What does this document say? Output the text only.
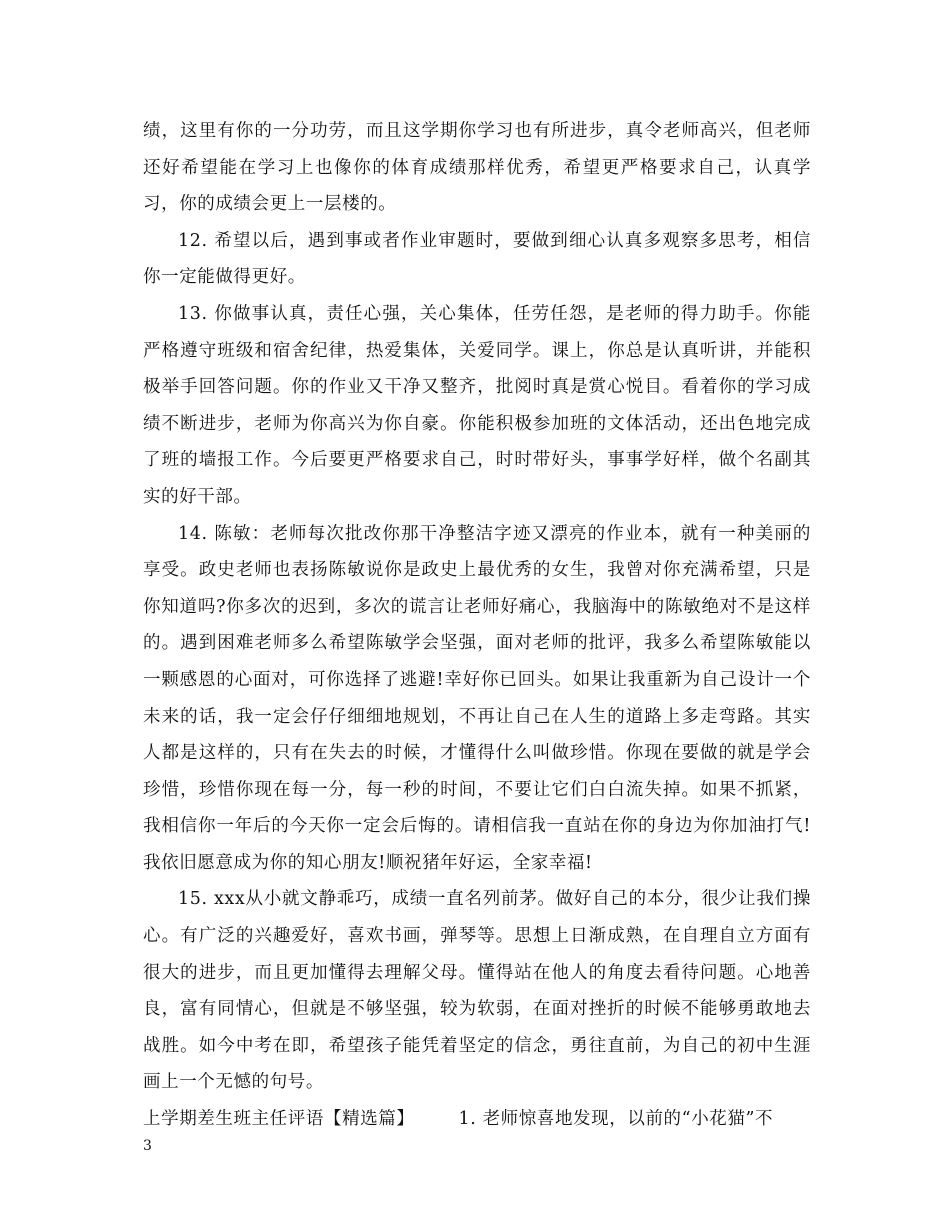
绩，这里有你的一分功劳，而且这学期你学习也有所进步，真令老师高兴，但老师还好希望能在学习上也像你的体育成绩那样优秀，希望更严格要求自己，认真学习，你的成绩会更上一层楼的。

12. 希望以后，遇到事或者作业审题时，要做到细心认真多观察多思考，相信你一定能做得更好。

13. 你做事认真，责任心强，关心集体，任劳任怨，是老师的得力助手。你能严格遵守班级和宿舍纪律，热爱集体，关爱同学。课上，你总是认真听讲，并能积极举手回答问题。你的作业又干净又整齐，批阅时真是赏心悦目。看着你的学习成绩不断进步，老师为你高兴为你自豪。你能积极参加班的文体活动，还出色地完成了班的墙报工作。今后要更严格要求自己，时时带好头，事事学好样，做个名副其实的好干部。

14. 陈敏：老师每次批改你那干净整洁字迹又漂亮的作业本，就有一种美丽的享受。政史老师也表扬陈敏说你是政史上最优秀的女生，我曾对你充满希望，只是你知道吗?你多次的迟到，多次的谎言让老师好痛心，我脑海中的陈敏绝对不是这样的。遇到困难老师多么希望陈敏学会坚强，面对老师的批评，我多么希望陈敏能以一颗感恩的心面对，可你选择了逃避!幸好你已回头。如果让我重新为自己设计一个未来的话，我一定会仔仔细细地规划，不再让自己在人生的道路上多走弯路。其实人都是这样的，只有在失去的时候，才懂得什么叫做珍惜。你现在要做的就是学会珍惜，珍惜你现在每一分，每一秒的时间，不要让它们白白流失掉。如果不抓紧，我相信你一年后的今天你一定会后悔的。请相信我一直站在你的身边为你加油打气!我依旧愿意成为你的知心朋友!顺祝猪年好运，全家幸福!

15. xxx从小就文静乖巧，成绩一直名列前茅。做好自己的本分，很少让我们操心。有广泛的兴趣爱好，喜欢书画，弹琴等。思想上日渐成熟，在自理自立方面有很大的进步，而且更加懂得去理解父母。懂得站在他人的角度去看待问题。心地善良，富有同情心，但就是不够坚强，较为软弱，在面对挫折的时候不能够勇敢地去战胜。如今中考在即，希望孩子能凭着坚定的信念，勇往直前，为自己的初中生涯画上一个无憾的句号。

上学期差生班主任评语【精选篇】	1. 老师惊喜地发现，以前的“小花猫”不

3
